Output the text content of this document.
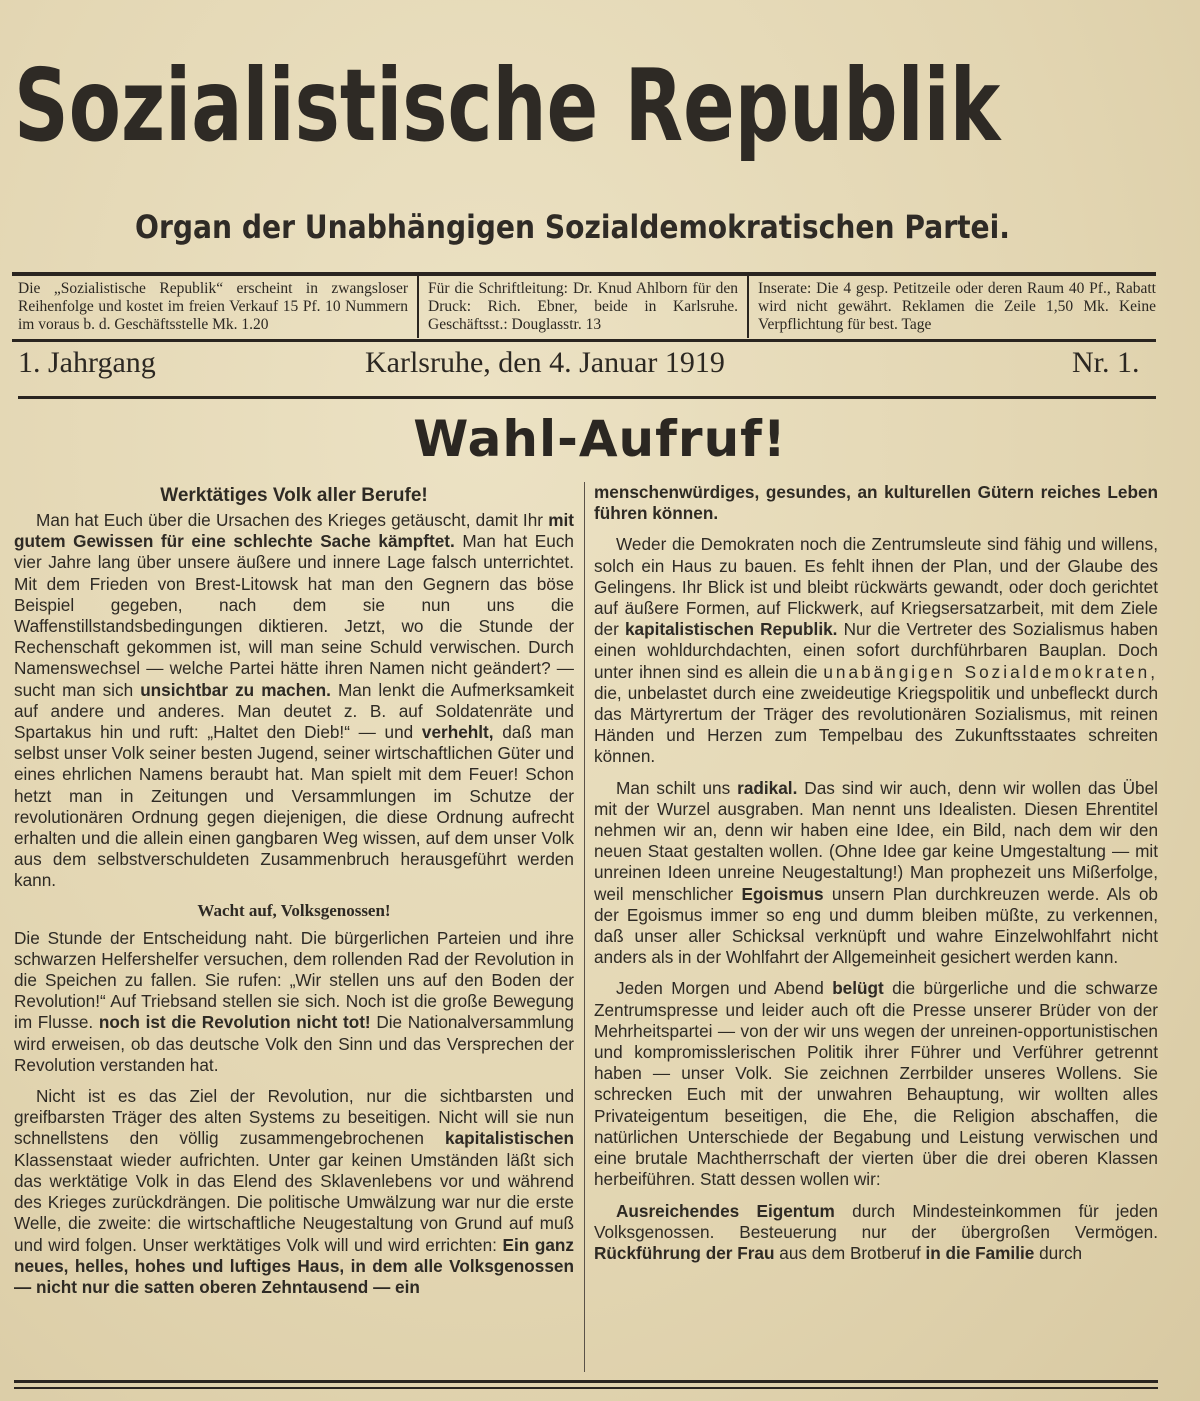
Sozialistische Republik
Organ der Unabhängigen Sozialdemokratischen Partei.
Die „Sozialistische Republik“ erscheint in zwangsloser Reihenfolge und kostet im freien Verkauf 15 Pf. 10 Nummern im voraus b. d. Geschäftsstelle Mk. 1.20
Für die Schriftleitung: Dr. Knud Ahlborn für den Druck: Rich. Ebner, beide in Karlsruhe. Geschäftsst.: Douglasstr. 13
Inserate: Die 4 gesp. Petitzeile oder deren Raum 40 Pf., Rabatt wird nicht gewährt. Reklamen die Zeile 1,50 Mk. Keine Verpflichtung für best. Tage
1. Jahrgang	Karlsruhe, den 4. Januar 1919	Nr. 1.
Wahl-Aufruf!

Werktätiges Volk aller Berufe!

Man hat Euch über die Ursachen des Krieges getäuscht, damit Ihr mit gutem Gewissen für eine schlechte Sache kämpftet. Man hat Euch vier Jahre lang über unsere äußere und innere Lage falsch unterrichtet. Mit dem Frieden von Brest-Litowsk hat man den Gegnern das böse Beispiel gegeben, nach dem sie nun uns die Waffenstillstandsbedingungen diktieren. Jetzt, wo die Stunde der Rechenschaft gekommen ist, will man seine Schuld verwischen. Durch Namenswechsel — welche Partei hätte ihren Namen nicht geändert? — sucht man sich unsichtbar zu machen. Man lenkt die Aufmerksamkeit auf andere und anderes. Man deutet z. B. auf Soldatenräte und Spartakus hin und ruft: „Haltet den Dieb!“ — und verhehlt, daß man selbst unser Volk seiner besten Jugend, seiner wirtschaftlichen Güter und eines ehrlichen Namens beraubt hat. Man spielt mit dem Feuer! Schon hetzt man in Zeitungen und Versammlungen im Schutze der revolutionären Ordnung gegen diejenigen, die diese Ordnung aufrecht erhalten und die allein einen gangbaren Weg wissen, auf dem unser Volk aus dem selbstverschuldeten Zusammenbruch herausgeführt werden kann.

Wacht auf, Volksgenossen!

Die Stunde der Entscheidung naht. Die bürgerlichen Parteien und ihre schwarzen Helfershelfer versuchen, dem rollenden Rad der Revolution in die Speichen zu fallen. Sie rufen: „Wir stellen uns auf den Boden der Revolution!“ Auf Triebsand stellen sie sich. Noch ist die große Bewegung im Flusse. noch ist die Revolution nicht tot! Die Nationalversammlung wird erweisen, ob das deutsche Volk den Sinn und das Versprechen der Revolution verstanden hat.

Nicht ist es das Ziel der Revolution, nur die sichtbarsten und greifbarsten Träger des alten Systems zu beseitigen. Nicht will sie nun schnellstens den völlig zusammengebrochenen kapitalistischen Klassenstaat wieder aufrichten. Unter gar keinen Umständen läßt sich das werktätige Volk in das Elend des Sklavenlebens vor und während des Krieges zurückdrängen. Die politische Umwälzung war nur die erste Welle, die zweite: die wirtschaftliche Neugestaltung von Grund auf muß und wird folgen. Unser werktätiges Volk will und wird errichten: Ein ganz neues, helles, hohes und luftiges Haus, in dem alle Volksgenossen — nicht nur die satten oberen Zehntausend — ein

menschenwürdiges, gesundes, an kulturellen Gütern reiches Leben führen können.

Weder die Demokraten noch die Zentrumsleute sind fähig und willens, solch ein Haus zu bauen. Es fehlt ihnen der Plan, und der Glaube des Gelingens. Ihr Blick ist und bleibt rückwärts gewandt, oder doch gerichtet auf äußere Formen, auf Flickwerk, auf Kriegsersatzarbeit, mit dem Ziele der kapitalistischen Republik. Nur die Vertreter des Sozialismus haben einen wohldurchdachten, einen sofort durchführbaren Bauplan. Doch unter ihnen sind es allein die unabängigen Sozialdemokraten, die, unbelastet durch eine zweideutige Kriegspolitik und unbefleckt durch das Märtyrertum der Träger des revolutionären Sozialismus, mit reinen Händen und Herzen zum Tempelbau des Zukunftsstaates schreiten können.

Man schilt uns radikal. Das sind wir auch, denn wir wollen das Übel mit der Wurzel ausgraben. Man nennt uns Idealisten. Diesen Ehrentitel nehmen wir an, denn wir haben eine Idee, ein Bild, nach dem wir den neuen Staat gestalten wollen. (Ohne Idee gar keine Umgestaltung — mit unreinen Ideen unreine Neugestaltung!) Man prophezeit uns Mißerfolge, weil menschlicher Egoismus unsern Plan durchkreuzen werde. Als ob der Egoismus immer so eng und dumm bleiben müßte, zu verkennen, daß unser aller Schicksal verknüpft und wahre Einzelwohlfahrt nicht anders als in der Wohlfahrt der Allgemeinheit gesichert werden kann.

Jeden Morgen und Abend belügt die bürgerliche und die schwarze Zentrumspresse und leider auch oft die Presse unserer Brüder von der Mehrheitspartei — von der wir uns wegen der unreinen-opportunistischen und kompromisslerischen Politik ihrer Führer und Verführer getrennt haben — unser Volk. Sie zeichnen Zerrbilder unseres Wollens. Sie schrecken Euch mit der unwahren Behauptung, wir wollten alles Privateigentum beseitigen, die Ehe, die Religion abschaffen, die natürlichen Unterschiede der Begabung und Leistung verwischen und eine brutale Machtherrschaft der vierten über die drei oberen Klassen herbeiführen. Statt dessen wollen wir:

Ausreichendes Eigentum durch Mindesteinkommen für jeden Volksgenossen. Besteuerung nur der übergroßen Vermögen. Rückführung der Frau aus dem Brotberuf in die Familie durch
